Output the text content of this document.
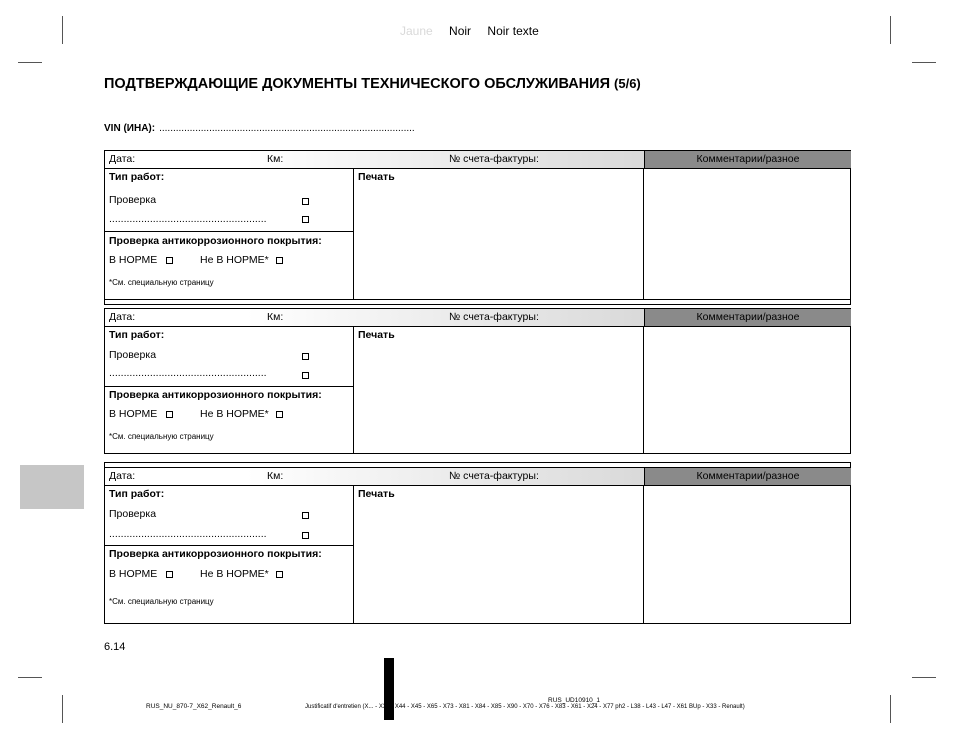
Jaune Noir Noir texte
ПОДТВЕРЖДАЮЩИЕ ДОКУМЕНТЫ ТЕХНИЧЕСКОГО ОБСЛУЖИВАНИЯ (5/6)
VIN (ИНА): ............................................................................................
Дата:	Км:	№ счета-фактуры:	Комментарии/разное
Тип работ:
Проверка
......................................................
Проверка антикоррозионного покрытия:
В НОРМЕ	Не В НОРМЕ*
*См. специальную страницу
Печать
Дата:	Км:	№ счета-фактуры:	Комментарии/разное
Тип работ:
Проверка
......................................................
Проверка антикоррозионного покрытия:
В НОРМЕ	Не В НОРМЕ*
*См. специальную страницу
Печать
Дата:	Км:	№ счета-фактуры:	Комментарии/разное
Тип работ:
Проверка
......................................................
Проверка антикоррозионного покрытия:
В НОРМЕ	Не В НОРМЕ*
*См. специальную страницу
Печать
6.14
RUS_NU_870-7_X62_Renault_6
RUS_UD10910_1
Justificatif d'entretien (X... - X35 - X44 - X45 - X65 - X73 - X81 - X84 - X85 - X90 - X70 - X76 - X83 - X61 - X24 - X77 ph2 - L38 - L43 - L47 - X61 BUp - X33 - Renault)
